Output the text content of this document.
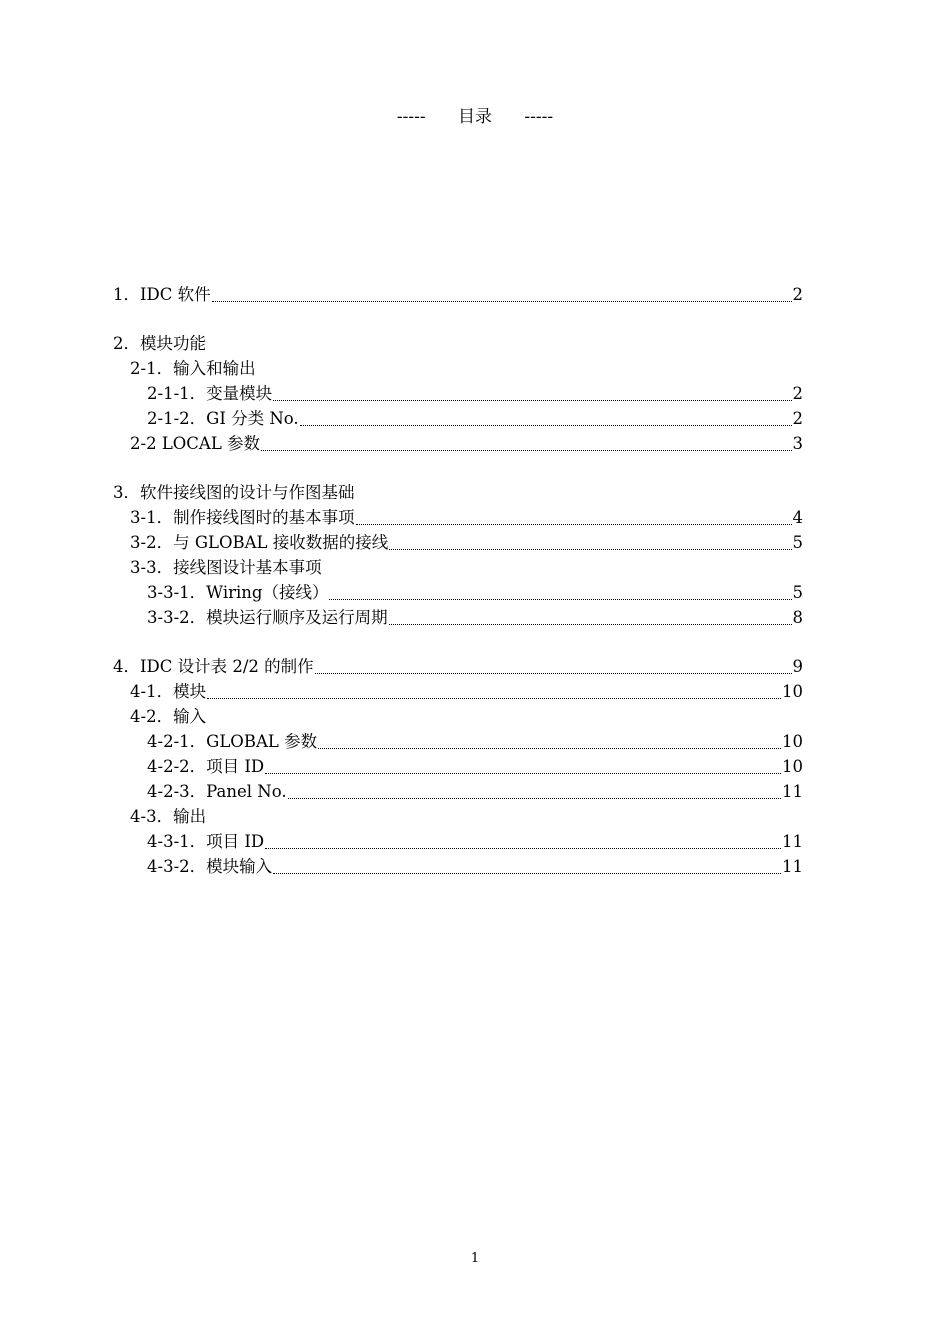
-----      目录      -----
1． IDC 软件	2
2． 模块功能
2-1． 输入和输出
2-1-1． 变量模块	2
2-1-2． GI 分类 No.	2
2-2 LOCAL 参数	3
3． 软件接线图的设计与作图基础
3-1． 制作接线图时的基本事项	4
3-2． 与 GLOBAL 接收数据的接线	5
3-3． 接线图设计基本事项
3-3-1． Wiring（接线）	5
3-3-2． 模块运行顺序及运行周期	8
4． IDC 设计表 2/2 的制作	9
4-1． 模块	10
4-2． 输入
4-2-1． GLOBAL 参数	10
4-2-2． 项目 ID	10
4-2-3． Panel No.	11
4-3． 输出
4-3-1． 项目 ID	11
4-3-2． 模块输入	11
1
